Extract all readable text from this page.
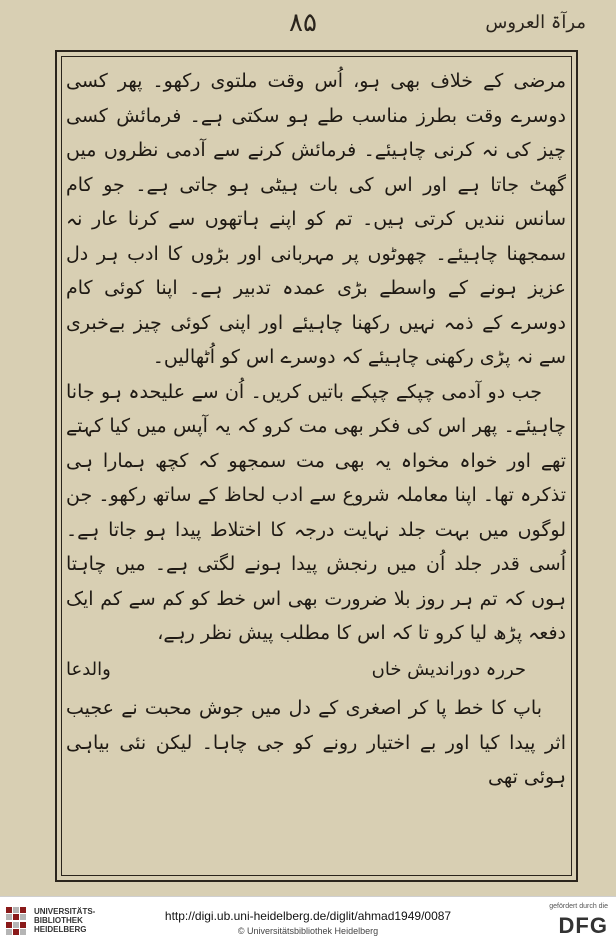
مرآۃ العروس
۸۵

مرضی کے خلاف بھی ہو، اُس وقت ملتوی رکھو۔ پھر کسی دوسرے وقت بطرز مناسب طے ہو سکتی ہے۔ فرمائش کسی چیز کی نہ کرنی چاہیئے۔ فرمائش کرنے سے آدمی نظروں میں گھٹ جاتا ہے اور اس کی بات ہیٹی ہو جاتی ہے۔ جو کام سانس نندیں کرتی ہیں۔ تم کو اپنے ہاتھوں سے کرنا عار نہ سمجھنا چاہیئے۔ چھوٹوں پر مہربانی اور بڑوں کا ادب ہر دل عزیز ہونے کے واسطے بڑی عمدہ تدبیر ہے۔ اپنا کوئی کام دوسرے کے ذمہ نہیں رکھنا چاہیئے اور اپنی کوئی چیز بےخبری سے نہ پڑی رکھنی چاہیئے کہ دوسرے اس کو اُٹھالیں۔

جب دو آدمی چپکے چپکے باتیں کریں۔ اُن سے علیحدہ ہو جانا چاہیئے۔ پھر اس کی فکر بھی مت کرو کہ یہ آپس میں کیا کہتے تھے اور خواہ مخواہ یہ بھی مت سمجھو کہ کچھ ہمارا ہی تذکرہ تھا۔ اپنا معاملہ شروع سے ادب لحاظ کے ساتھ رکھو۔ جن لوگوں میں بہت جلد نہایت درجہ کا اختلاط پیدا ہو جاتا ہے۔ اُسی قدر جلد اُن میں رنجش پیدا ہونے لگتی ہے۔ میں چاہتا ہوں کہ تم ہر روز بلا ضرورت بھی اس خط کو کم سے کم ایک دفعہ پڑھ لیا کرو تا کہ اس کا مطلب پیش نظر رہے،

حررہ دوراندیش خاں
والدعا

باپ کا خط پا کر اصغری کے دل میں جوش محبت نے عجیب اثر پیدا کیا اور بے اختیار رونے کو جی چاہا۔ لیکن نئی بیاہی ہوئی تھی

UNIVERSITÄTS-
BIBLIOTHEK
HEIDELBERG
http://digi.ub.uni-heidelberg.de/diglit/ahmad1949/0087
© Universitätsbibliothek Heidelberg
gefördert durch die
DFG
